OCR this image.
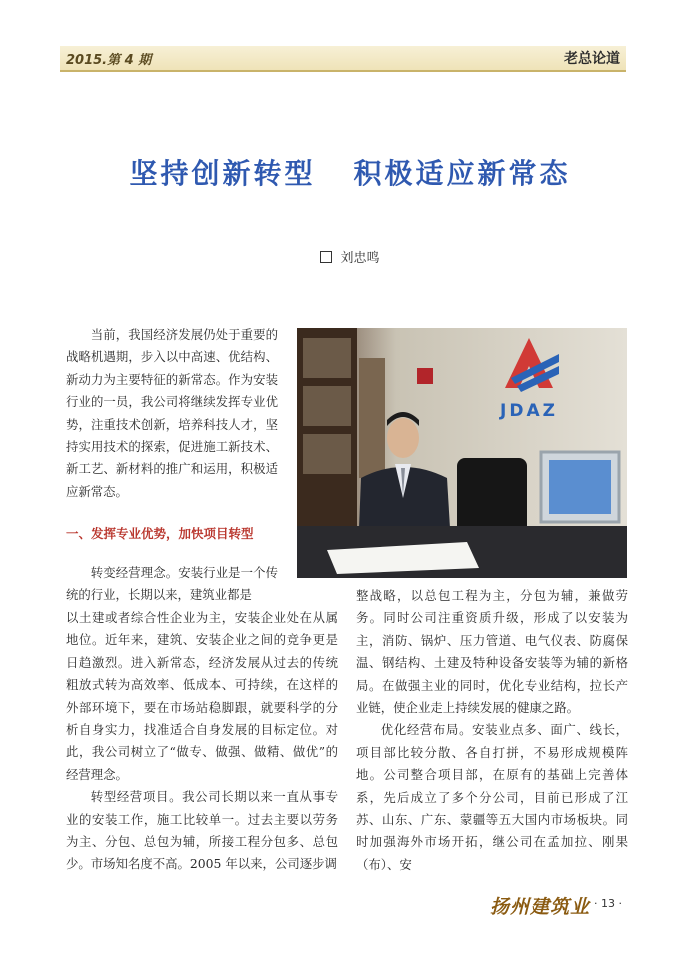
2015.第 4 期	老总论道
坚持创新转型 积极适应新常态
刘忠鸣

当前，我国经济发展仍处于重要的战略机遇期，步入以中高速、优结构、新动力为主要特征的新常态。作为安装行业的一员，我公司将继续发挥专业优势，注重技术创新，培养科技人才，坚持实用技术的探索，促进施工新技术、新工艺、新材料的推广和运用，积极适应新常态。

一、发挥专业优势，加快项目转型

转变经营理念。安装行业是一个传统的行业，长期以来，建筑业都是

以土建或者综合性企业为主，安装企业处在从属地位。近年来，建筑、安装企业之间的竞争更是日趋激烈。进入新常态，经济发展从过去的传统粗放式转为高效率、低成本、可持续，在这样的外部环境下，要在市场站稳脚跟，就要科学的分析自身实力，找准适合自身发展的目标定位。对此，我公司树立了“做专、做强、做精、做优”的经营理念。

转型经营项目。我公司长期以来一直从事专业的安装工作，施工比较单一。过去主要以劳务为主、分包、总包为辅，所接工程分包多、总包少。市场知名度不高。2005 年以来，公司逐步调

整战略，以总包工程为主，分包为辅，兼做劳务。同时公司注重资质升级，形成了以安装为主，消防、锅炉、压力管道、电气仪表、防腐保温、钢结构、土建及特种设备安装等为辅的新格局。在做强主业的同时，优化专业结构，拉长产业链，使企业走上持续发展的健康之路。

优化经营布局。安装业点多、面广、线长，项目部比较分散、各自打拼，不易形成规模阵地。公司整合项目部，在原有的基础上完善体系，先后成立了多个分公司，目前已形成了江苏、山东、广东、蒙疆等五大国内市场板块。同时加强海外市场开拓，继公司在孟加拉、刚果（布）、安

JDAZ
扬州建筑业 · 13 ·
